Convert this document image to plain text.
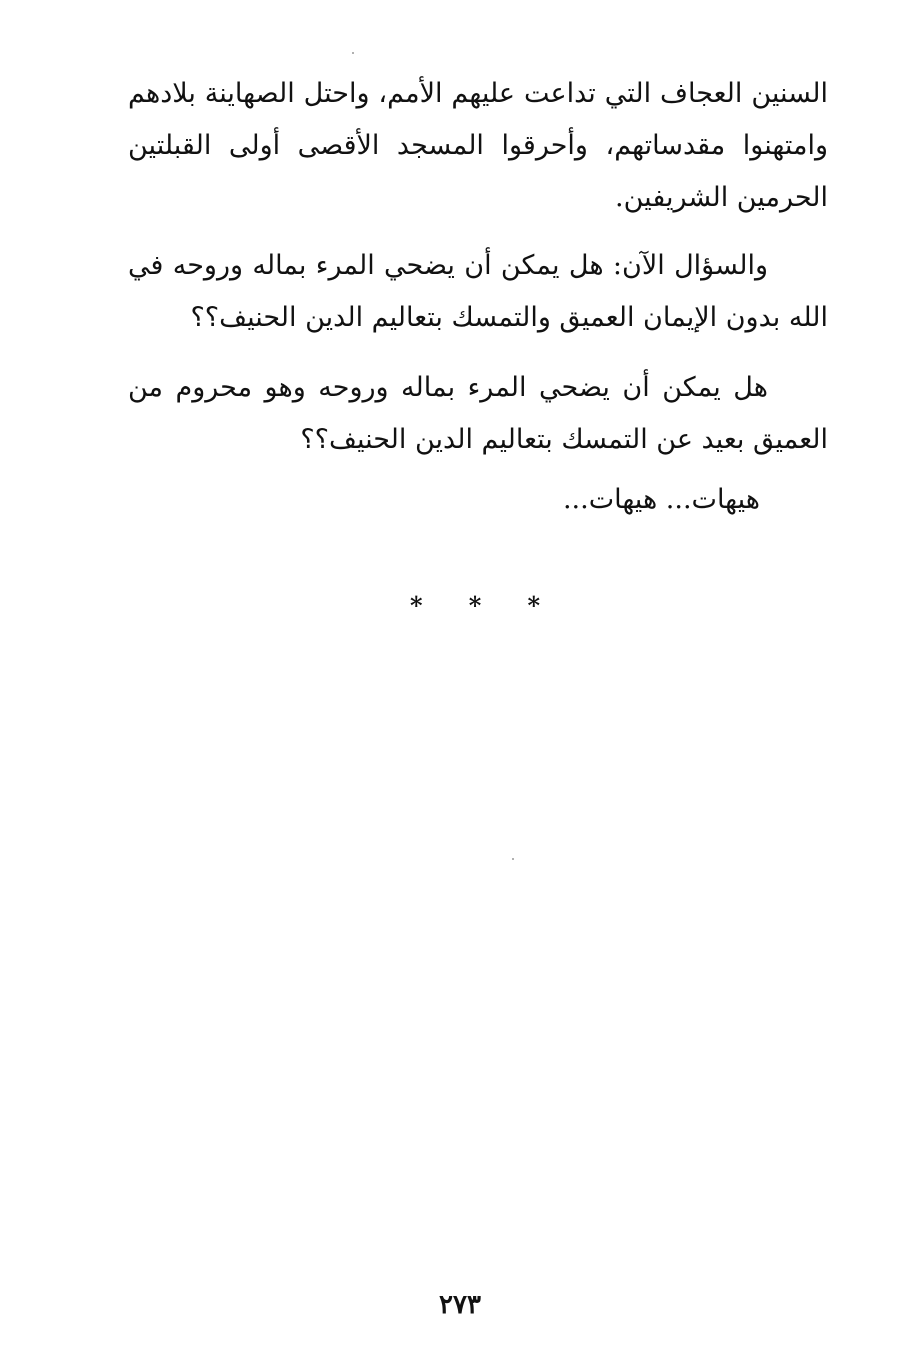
السنين العجاف التي تداعت عليهم الأمم، واحتل الصهاينة بلادهم
وامتهنوا مقدساتهم، وأحرقوا المسجد الأقصى أولى القبلتين
الحرمين الشريفين.
والسؤال الآن: هل يمكن أن يضحي المرء بماله وروحه في
الله بدون الإيمان العميق والتمسك بتعاليم الدين الحنيف؟؟
هل يمكن أن يضحي المرء بماله وروحه وهو محروم من
العميق بعيد عن التمسك بتعاليم الدين الحنيف؟؟
هيهات... هيهات...
* * *
٢٧٣
